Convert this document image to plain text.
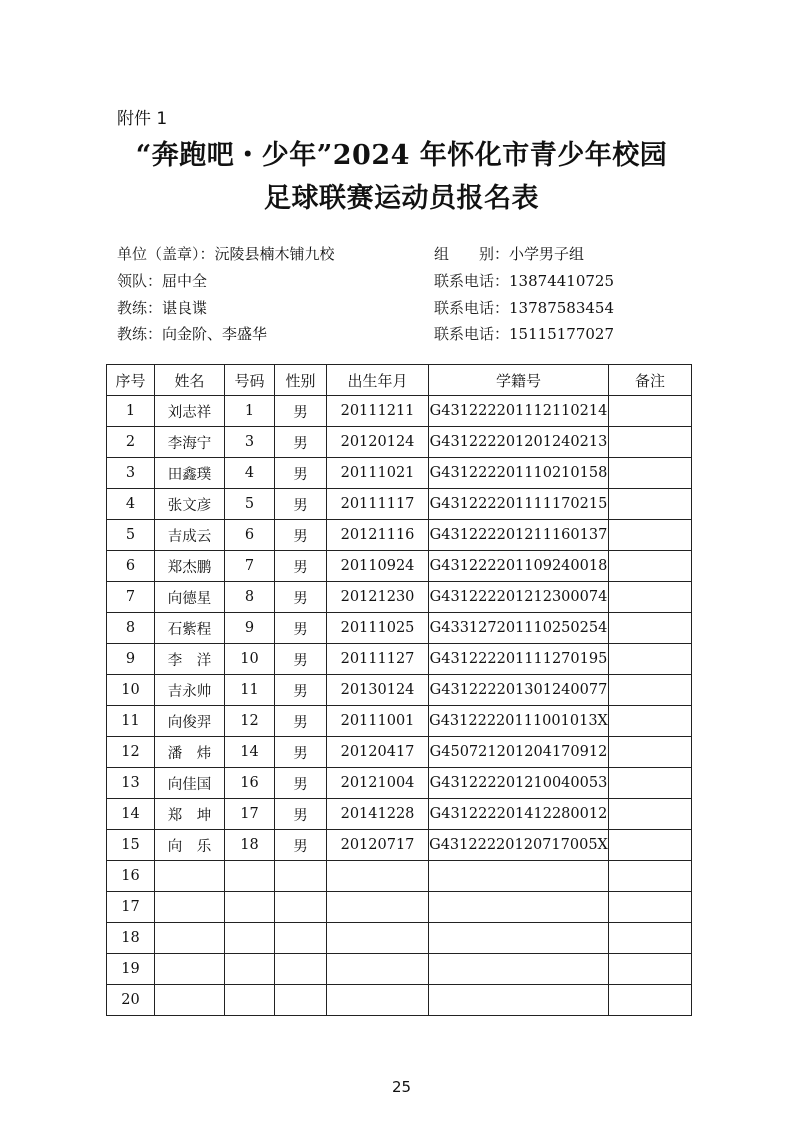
附件 1
“奔跑吧・少年”2024 年怀化市青少年校园
足球联赛运动员报名表
单位（盖章）：沅陵县楠木铺九校	组　　别：小学男子组
领队：屈中全	联系电话：13874410725
教练：谌良谍	联系电话：13787583454
教练：向金阶、李盛华	联系电话：15115177027
序号	姓名	号码	性别	出生年月	学籍号	备注
1	刘志祥	1	男	20111211	G431222201112110214	
2	李海宁	3	男	20120124	G431222201201240213	
3	田鑫璞	4	男	20111021	G431222201110210158	
4	张文彦	5	男	20111117	G431222201111170215	
5	吉成云	6	男	20121116	G431222201211160137	
6	郑杰鹏	7	男	20110924	G431222201109240018	
7	向德星	8	男	20121230	G431222201212300074	
8	石紫程	9	男	20111025	G433127201110250254	
9	李　洋	10	男	20111127	G431222201111270195	
10	吉永帅	11	男	20130124	G431222201301240077	
11	向俊羿	12	男	20111001	G43122220111001013X	
12	潘　炜	14	男	20120417	G450721201204170912	
13	向佳国	16	男	20121004	G431222201210040053	
14	郑　坤	17	男	20141228	G431222201412280012	
15	向　乐	18	男	20120717	G43122220120717005X	
16						
17						
18						
19						
20						
25
